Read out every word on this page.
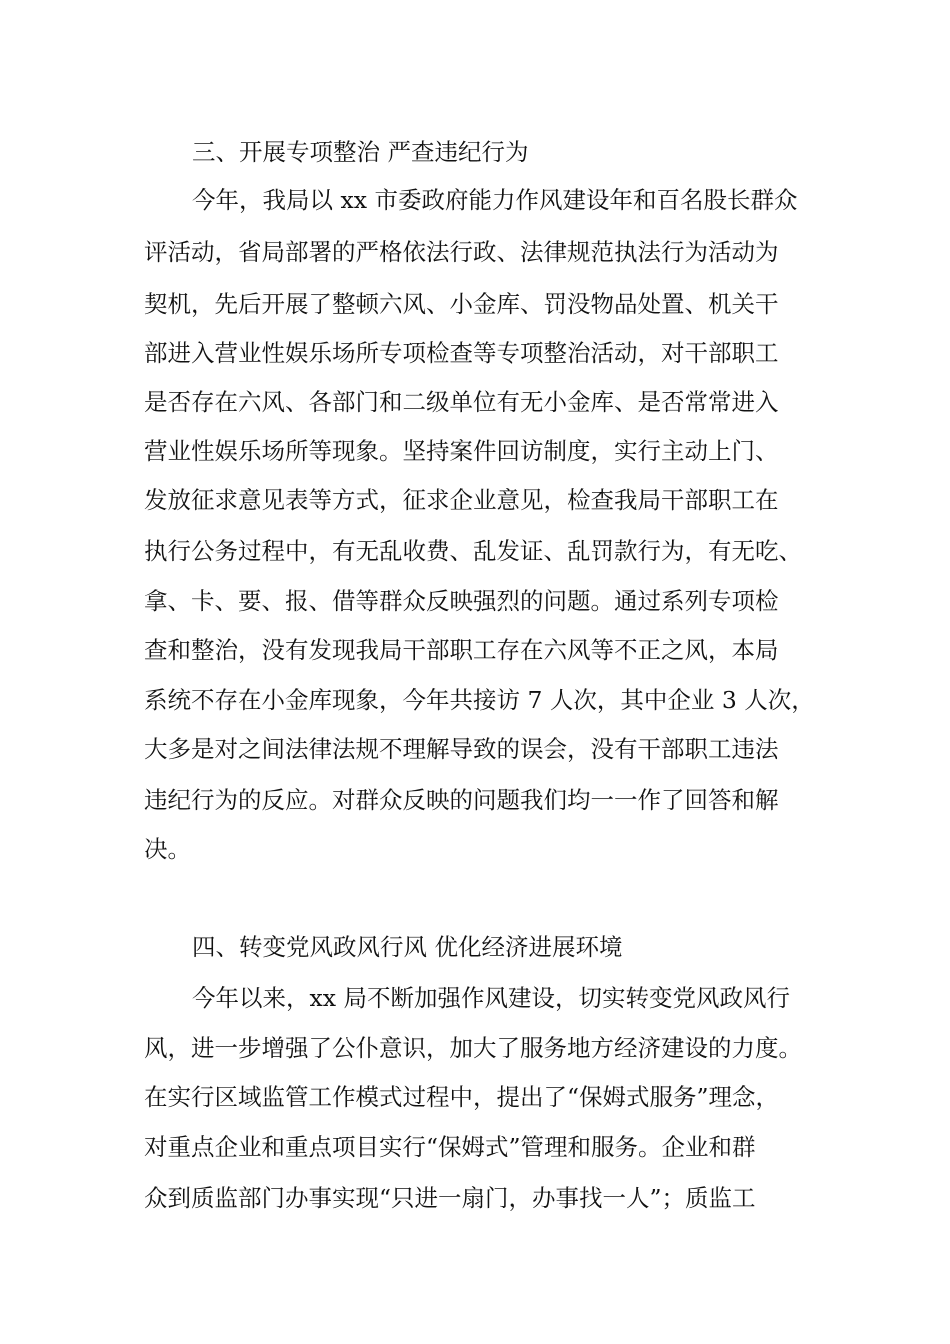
三、开展专项整治 严查违纪行为
今年，我局以 xx 市委政府能力作风建设年和百名股长群众
评活动，省局部署的严格依法行政、法律规范执法行为活动为
契机，先后开展了整顿六风、小金库、罚没物品处置、机关干
部进入营业性娱乐场所专项检查等专项整治活动，对干部职工
是否存在六风、各部门和二级单位有无小金库、是否常常进入
营业性娱乐场所等现象。坚持案件回访制度，实行主动上门、
发放征求意见表等方式，征求企业意见，检查我局干部职工在
执行公务过程中，有无乱收费、乱发证、乱罚款行为，有无吃、
拿、卡、要、报、借等群众反映强烈的问题。通过系列专项检
查和整治，没有发现我局干部职工存在六风等不正之风，本局
系统不存在小金库现象，今年共接访 7 人次，其中企业 3 人次，
大多是对之间法律法规不理解导致的误会，没有干部职工违法
违纪行为的反应。对群众反映的问题我们均一一作了回答和解
决。
四、转变党风政风行风 优化经济进展环境
今年以来，xx 局不断加强作风建设，切实转变党风政风行
风，进一步增强了公仆意识，加大了服务地方经济建设的力度。
在实行区域监管工作模式过程中，提出了“保姆式服务”理念，
对重点企业和重点项目实行“保姆式”管理和服务。企业和群
众到质监部门办事实现“只进一扇门，办事找一人”；质监工
